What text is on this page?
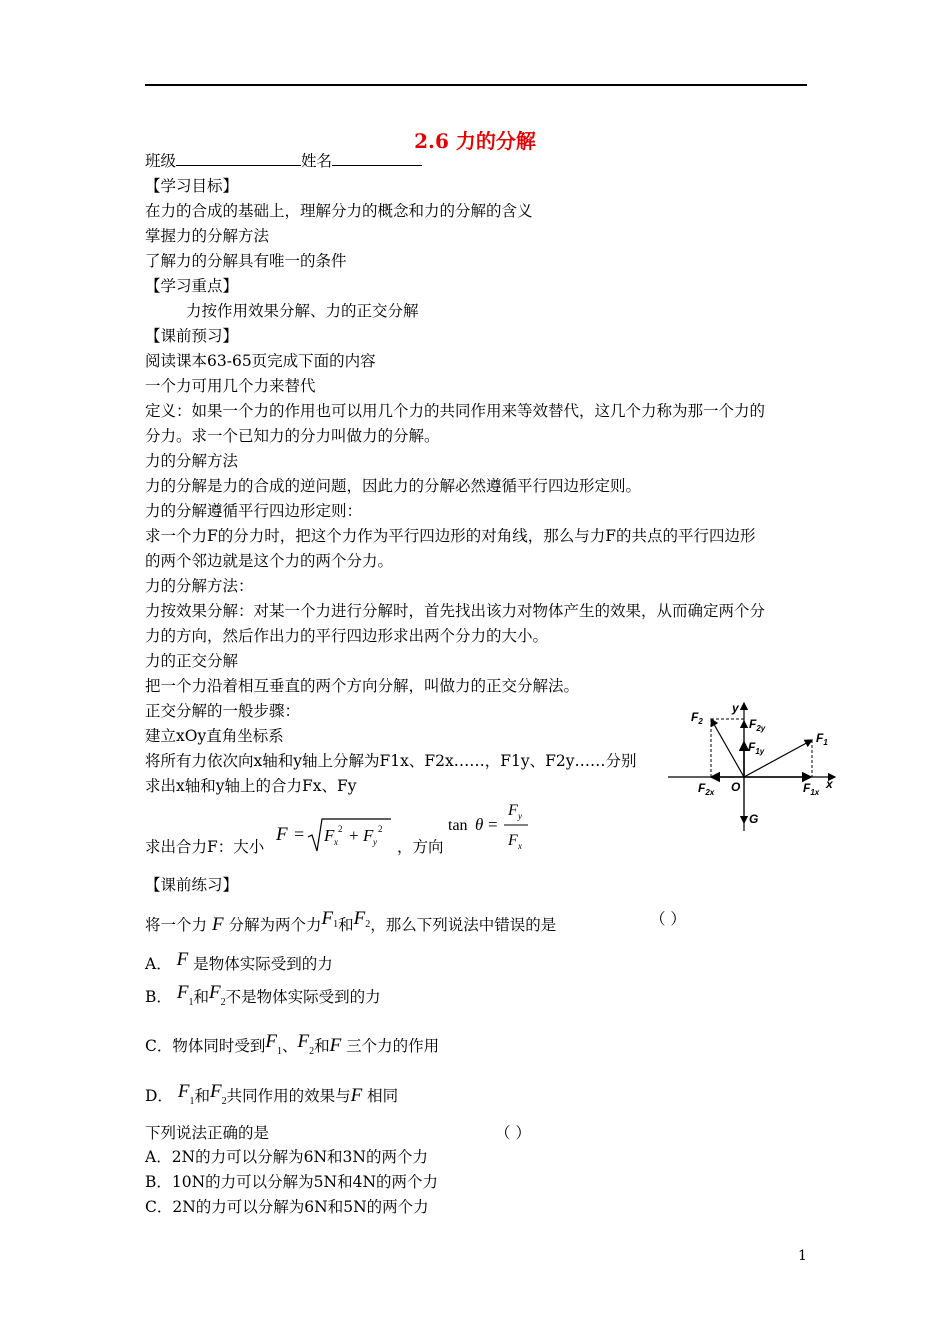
2.6 力的分解
班级	姓名
【学习目标】
在力的合成的基础上，理解分力的概念和力的分解的含义
掌握力的分解方法
了解力的分解具有唯一的条件
【学习重点】
力按作用效果分解、力的正交分解
【课前预习】
阅读课本63-65页完成下面的内容
一个力可用几个力来替代
定义：如果一个力的作用也可以用几个力的共同作用来等效替代，这几个力称为那一个力的
分力。求一个已知力的分力叫做力的分解。
力的分解方法
力的分解是力的合成的逆问题，因此力的分解必然遵循平行四边形定则。
力的分解遵循平行四边形定则：
求一个力F的分力时，把这个力作为平行四边形的对角线，那么与力F的共点的平行四边形
的两个邻边就是这个力的两个分力。
力的分解方法：
力按效果分解：对某一个力进行分解时，首先找出该力对物体产生的效果，从而确定两个分
力的方向，然后作出力的平行四边形求出两个分力的大小。
力的正交分解
把一个力沿着相互垂直的两个方向分解，叫做力的正交分解法。
正交分解的一般步骤：
建立xOy直角坐标系
将所有力依次向x轴和y轴上分解为F1x、F2x……，F1y、F2y……分别
求出x轴和y轴上的合力Fx、Fy
$F_2$
y
$F_{2y}$
$F_1$
$F_{1y}$
x
O
$F_{2x}$	$F_{1x}$
G
求出合力F：大小
F = F x
2 + F y
2
，方向
tan θ =
F y
F x
【课前练习】
将一个力 F 分解为两个力$F^1$和$F^2$，那么下列说法中错误的是	（ ）
A． F 是物体实际受到的力
B． $F_1$和$F_2$不是物体实际受到的力
C．物体同时受到$F_1$、$F_2$和F 三个力的作用
D． $F_1$和$F_2$共同作用的效果与F 相同
下列说法正确的是	（ ）
A．2N的力可以分解为6N和3N的两个力
B．10N的力可以分解为5N和4N的两个力
C．2N的力可以分解为6N和5N的两个力
1
